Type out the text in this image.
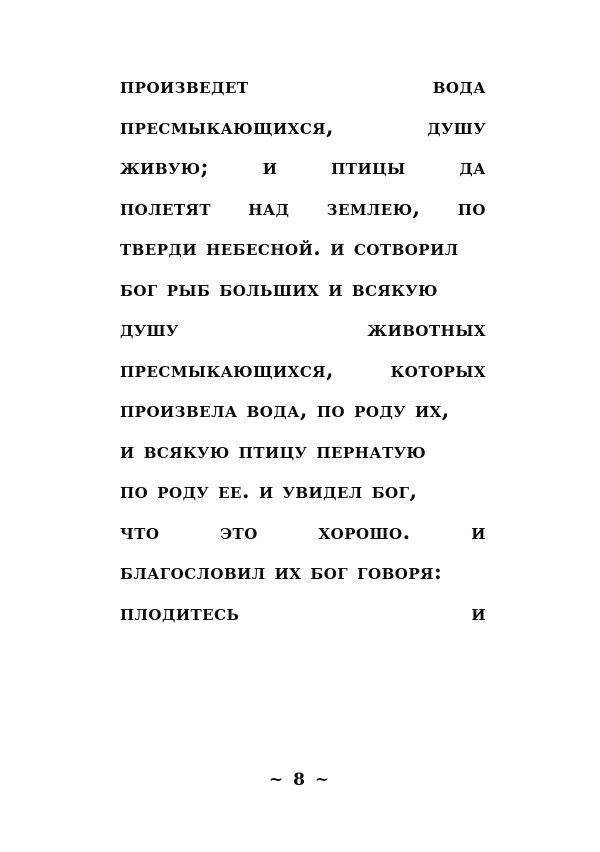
произведет	вода
пресмыкающихся,	душу
живую;	и	птицы	да
полетят над землею, по
тверди небесной. и сотворил
бог рыб больших и всякую
душу	животных
пресмыкающихся,	которых
произвела вода, по роду их,
и всякую птицу пернатую
по роду ее. и увидел бог,
что	это	хорошо.	и
благословил их бог говоря:
плодитесь	и
~ 8 ~
